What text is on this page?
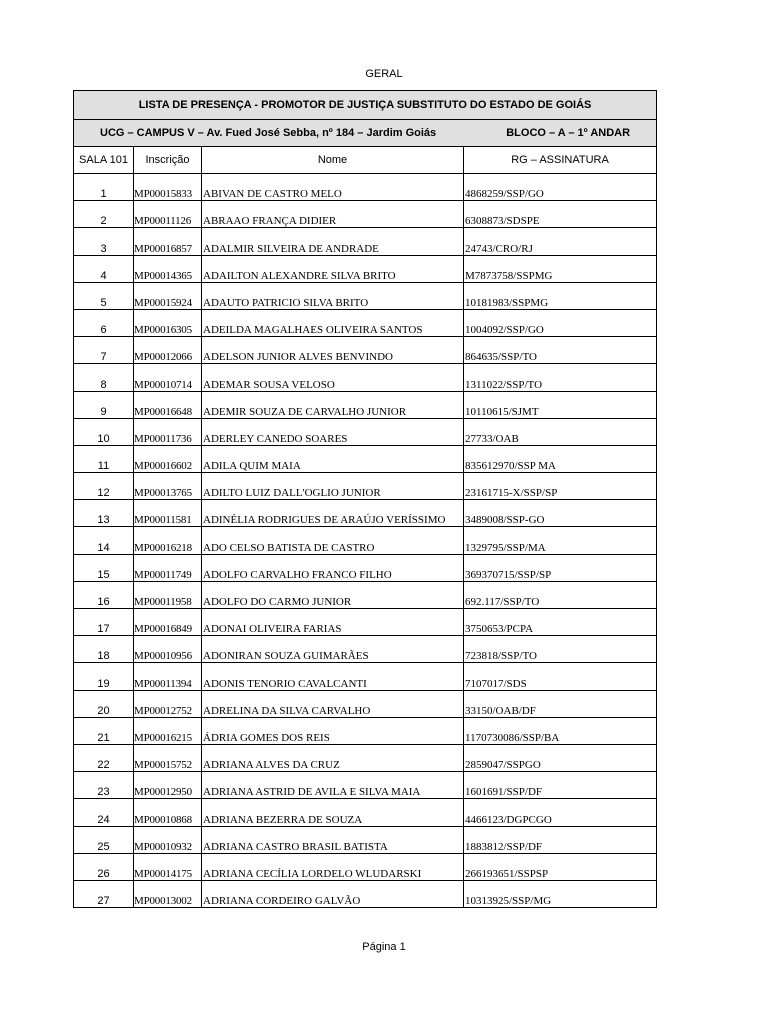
GERAL
LISTA DE PRESENÇA - PROMOTOR DE JUSTIÇA SUBSTITUTO DO ESTADO DE GOIÁS			

UCG – CAMPUS V – Av. Fued José Sebba, nº 184 – Jardim Goiás BLOCO – A – 1º ANDAR			

SALA 101	Inscrição	Nome	RG – ASSINATURA
1	MP00015833	ABIVAN DE CASTRO MELO	4868259/SSP/GO
2	MP00011126	ABRAAO FRANÇA DIDIER	6308873/SDSPE
3	MP00016857	ADALMIR SILVEIRA DE ANDRADE	24743/CRO/RJ
4	MP00014365	ADAILTON ALEXANDRE SILVA BRITO	M7873758/SSPMG
5	MP00015924	ADAUTO PATRICIO SILVA BRITO	10181983/SSPMG
6	MP00016305	ADEILDA MAGALHAES OLIVEIRA SANTOS	1004092/SSP/GO
7	MP00012066	ADELSON JUNIOR ALVES BENVINDO	864635/SSP/TO
8	MP00010714	ADEMAR SOUSA VELOSO	1311022/SSP/TO
9	MP00016648	ADEMIR SOUZA DE CARVALHO JUNIOR	10110615/SJMT
10	MP00011736	ADERLEY CANEDO SOARES	27733/OAB
11	MP00016602	ADILA QUIM MAIA	835612970/SSP MA
12	MP00013765	ADILTO LUIZ DALL'OGLIO JUNIOR	23161715-X/SSP/SP
13	MP00011581	ADINÉLIA RODRIGUES DE ARAÚJO VERÍSSIMO	3489008/SSP-GO
14	MP00016218	ADO CELSO BATISTA DE CASTRO	1329795/SSP/MA
15	MP00011749	ADOLFO CARVALHO FRANCO FILHO	369370715/SSP/SP
16	MP00011958	ADOLFO DO CARMO JUNIOR	692.117/SSP/TO
17	MP00016849	ADONAI OLIVEIRA FARIAS	3750653/PCPA
18	MP00010956	ADONIRAN SOUZA GUIMARÃES	723818/SSP/TO
19	MP00011394	ADONIS TENORIO CAVALCANTI	7107017/SDS
20	MP00012752	ADRELINA DA SILVA CARVALHO	33150/OAB/DF
21	MP00016215	ÁDRIA GOMES DOS REIS	1170730086/SSP/BA
22	MP00015752	ADRIANA ALVES DA CRUZ	2859047/SSPGO
23	MP00012950	ADRIANA ASTRID DE AVILA E SILVA MAIA	1601691/SSP/DF
24	MP00010868	ADRIANA BEZERRA DE SOUZA	4466123/DGPCGO
25	MP00010932	ADRIANA CASTRO BRASIL BATISTA	1883812/SSP/DF
26	MP00014175	ADRIANA CECÍLIA LORDELO WLUDARSKI	266193651/SSPSP
27	MP00013002	ADRIANA CORDEIRO GALVÃO	10313925/SSP/MG
Página 1
